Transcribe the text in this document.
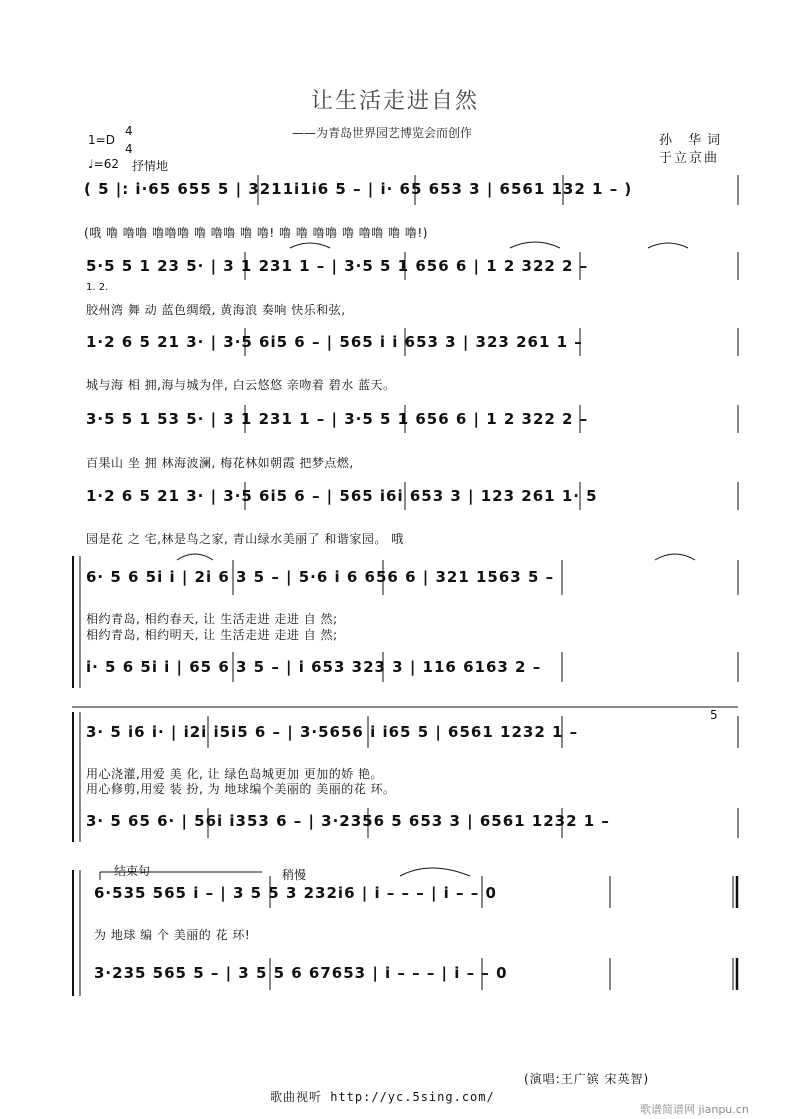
让生活走进自然
——为青岛世界园艺博览会而创作
1=D
4
4
♩=62 抒情地
孙 华词
于立京曲
( 5 |: i·65 655 5 | 3211i1i6 5 – | i· 65 653 3 | 6561 132 1 – )
(哦 噜 噜噜 噜噜噜 噜 噜噜 噜 噜! 噜 噜 噜噜 噜 噜噜 噜 噜!)
5·5 5 1 23 5· | 3 1 231 1 – | 3·5 5 1 656 6 | 1 2 322 2 –
1. 2.
胶州湾 舞 动 蓝色绸缎, 黄海浪 奏响 快乐和弦,
1·2 6 5 21 3· | 3·5 6i5 6 – | 565 i i 653 3 | 323 261 1 –
城与海 相 拥,海与城为伴, 白云悠悠 亲吻着 碧水 蓝天。
3·5 5 1 53 5· | 3 1 231 1 – | 3·5 5 1 656 6 | 1 2 322 2 –
百果山 坐 拥 林海波澜, 梅花林如朝霞 把梦点燃,
1·2 6 5 21 3· | 3·5 6i5 6 – | 565 i6i 653 3 | 123 261 1· 5
园是花 之 宅,林是鸟之家, 青山绿水美丽了 和谐家园。 哦
6· 5 6 5i i | 2i 6 3 5 – | 5·6 i 6 656 6 | 321 1563 5 –
相约青岛, 相约春天, 让 生活走进 走进 自 然;
相约青岛, 相约明天, 让 生活走进 走进 自 然;
i· 5 6 5i i | 65 6 3 5 – | i 653 323 3 | 116 6163 2 –
3· 5 i6 i· | i2i i5i5 6 – | 3·5656 i i65 5 | 6561 1232 1 –
用心浇灌,用爱 美 化, 让 绿色岛城更加 更加的娇 艳。
用心修剪,用爱 装 扮, 为 地球编个美丽的 美丽的花 环。
3· 5 65 6· | 56i i353 6 – | 3·2356 5 653 3 | 6561 1232 1 –
5
结束句	稍慢
6·535 565 i – | 3 5 5 3 232i6 | i – – – | i – – 0
为 地球 编 个 美丽的 花 环!
3·235 565 5 – | 3 5 5 6 67653 | i – – – | i – – 0
(演唱:王广镔 宋英智)
歌曲视听 http://yc.5sing.com/
歌谱简谱网 jianpu.cn
